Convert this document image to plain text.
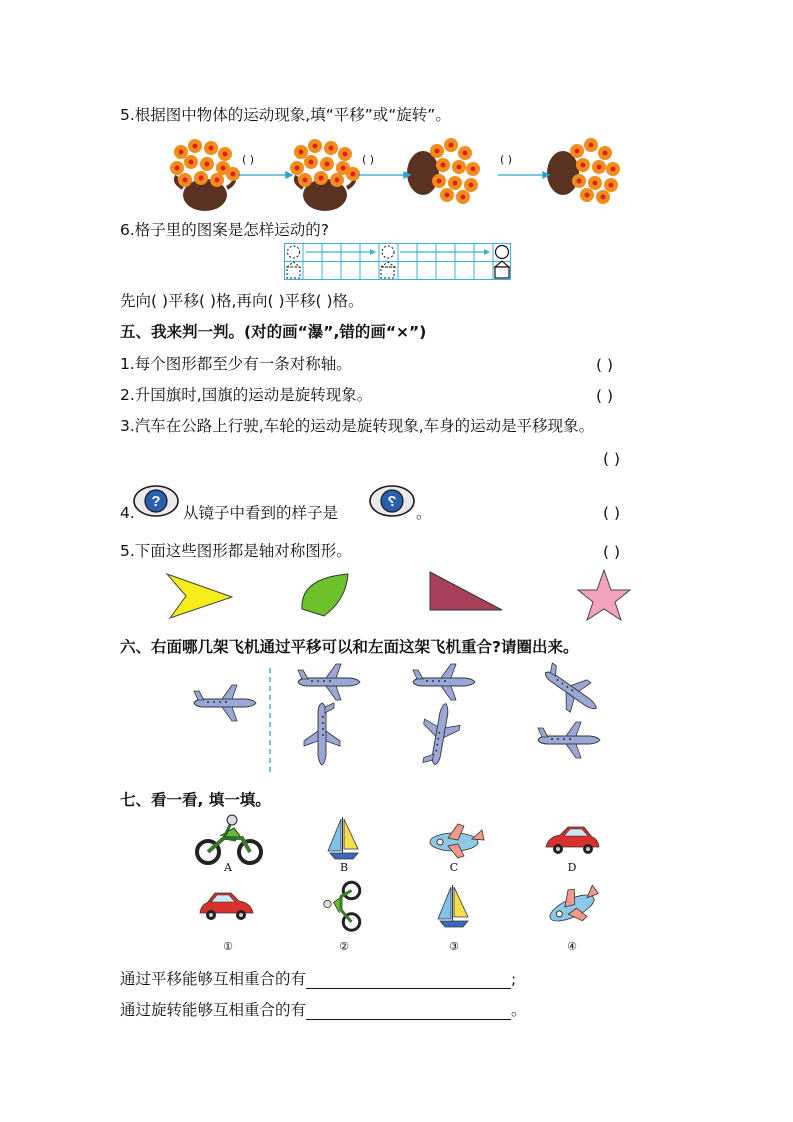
5.根据图中物体的运动现象,填“平移”或“旋转”。
( )	( )	( )
6.格子里的图案是怎样运动的?
先向( )平移( )格,再向( )平移( )格。
五、我来判一判。(对的画“瀑”,错的画“×”)
1.每个图形都至少有一条对称轴。	( )
2.升国旗时,国旗的运动是旋转现象。	( )
3.汽车在公路上行驶,车轮的运动是旋转现象,车身的运动是平移现象。
( )
4.
?
从镜子中看到的样子是
?
。	( )
5.下面这些图形都是轴对称图形。	( )
六、右面哪几架飞机通过平移可以和左面这架飞机重合?请圈出来。
七、看一看, 填一填。
A	B	C	D
①	②	③	④
通过平移能够互相重合的有	;
通过旋转能够互相重合的有	。
